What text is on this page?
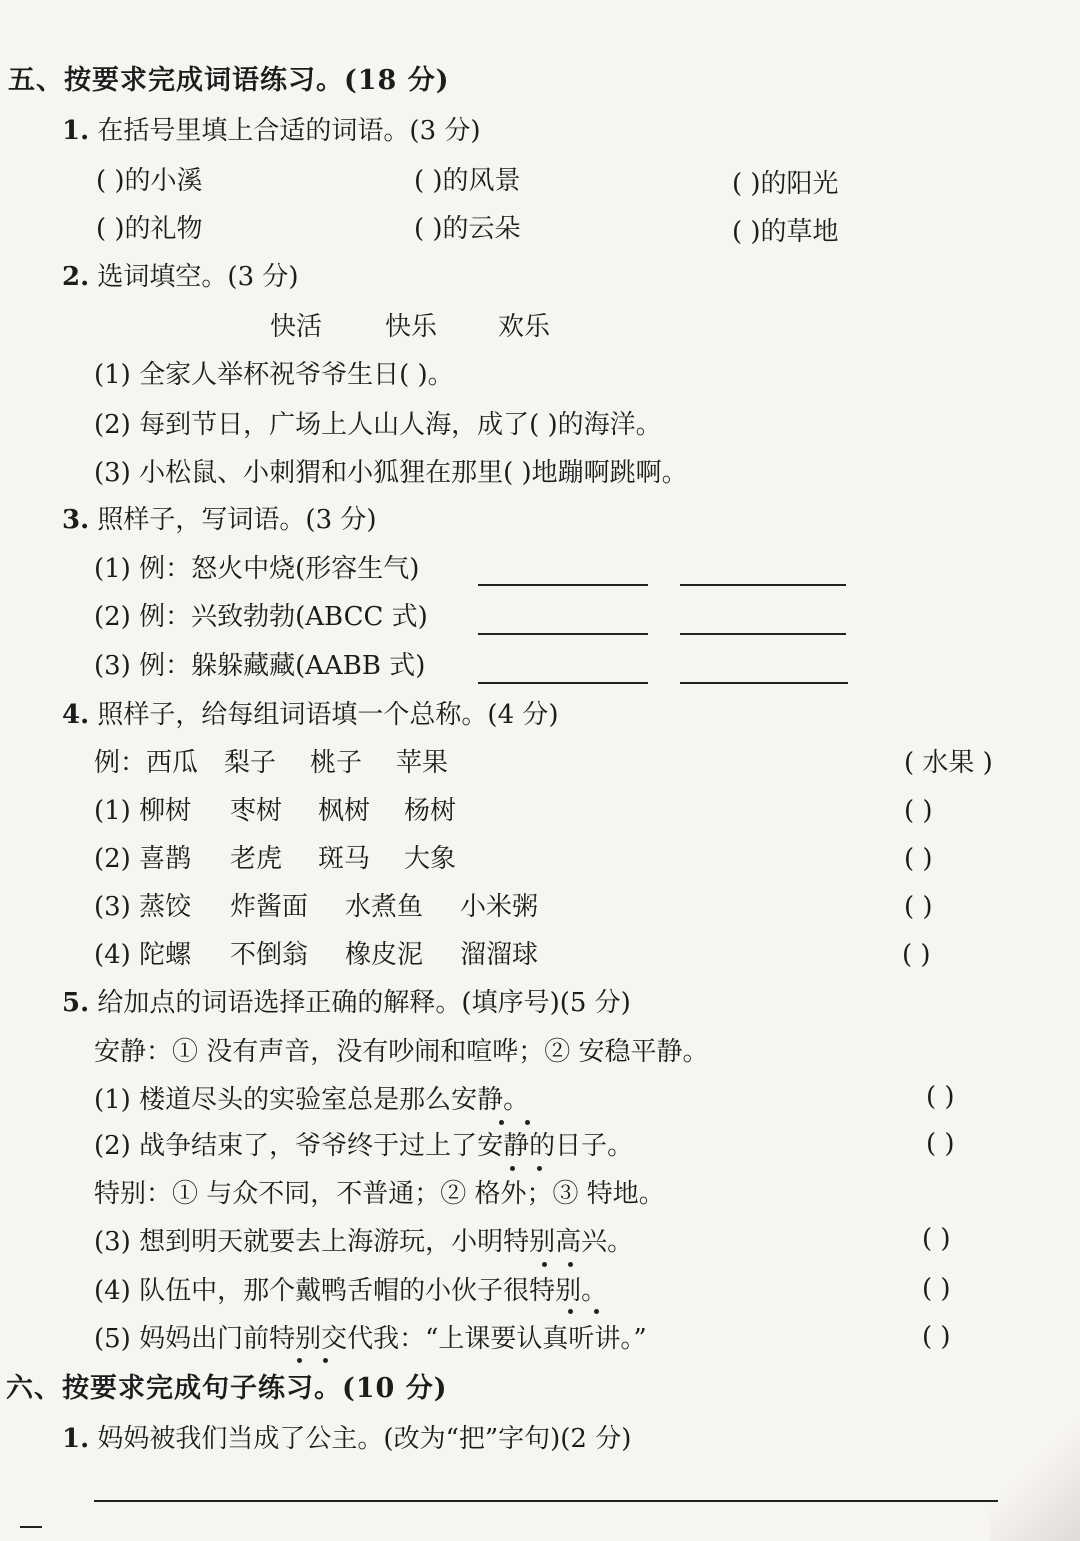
五、按要求完成词语练习。(18 分)
1. 在括号里填上合适的词语。(3 分)
( )的小溪	( )的风景	( )的阳光
( )的礼物	( )的云朵	( )的草地
2. 选词填空。(3 分)
快活 快乐 欢乐
(1) 全家人举杯祝爷爷生日( )。
(2) 每到节日，广场上人山人海，成了( )的海洋。
(3) 小松鼠、小刺猬和小狐狸在那里( )地蹦啊跳啊。
3. 照样子，写词语。(3 分)
(1) 例：怒火中烧(形容生气)
(2) 例：兴致勃勃(ABCC 式)
(3) 例：躲躲藏藏(AABB 式)
4. 照样子，给每组词语填一个总称。(4 分)
例：西瓜 梨子 桃子 苹果	( 水果 )
(1) 柳树 枣树 枫树 杨树	( )
(2) 喜鹊 老虎 斑马 大象	( )
(3) 蒸饺 炸酱面 水煮鱼 小米粥	( )
(4) 陀螺 不倒翁 橡皮泥 溜溜球	( )
5. 给加点的词语选择正确的解释。(填序号)(5 分)
安静：① 没有声音，没有吵闹和喧哗；② 安稳平静。
(1) 楼道尽头的实验室总是那么安静。	( )
(2) 战争结束了，爷爷终于过上了安静的日子。	( )
特别：① 与众不同，不普通；② 格外；③ 特地。
(3) 想到明天就要去上海游玩，小明特别高兴。	( )
(4) 队伍中，那个戴鸭舌帽的小伙子很特别。	( )
(5) 妈妈出门前特别交代我：“上课要认真听讲。”	( )
六、按要求完成句子练习。(10 分)
1. 妈妈被我们当成了公主。(改为“把”字句)(2 分)
